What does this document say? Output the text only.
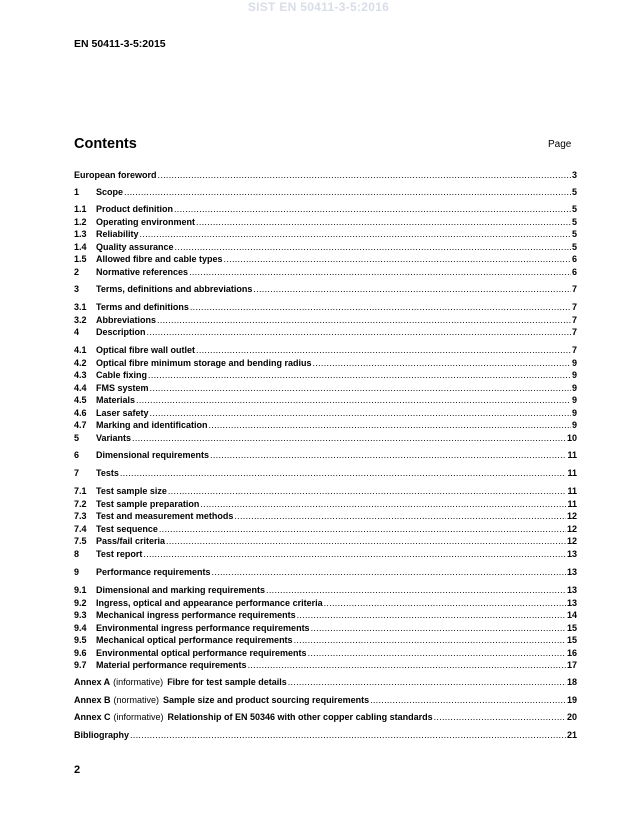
SIST EN 50411-3-5:2016
EN 50411-3-5:2015
Contents	Page
European foreword .....	3
1	Scope .....	5
1.1	Product definition .....	5
1.2	Operating environment .....	5
1.3	Reliability .....	5
1.4	Quality assurance .....	5
1.5	Allowed fibre and cable types .....	6
2	Normative references .....	6
3	Terms, definitions and abbreviations .....	7
3.1	Terms and definitions .....	7
3.2	Abbreviations .....	7
4	Description .....	7
4.1	Optical fibre wall outlet .....	7
4.2	Optical fibre minimum storage and bending radius .....	9
4.3	Cable fixing .....	9
4.4	FMS system .....	9
4.5	Materials .....	9
4.6	Laser safety .....	9
4.7	Marking and identification .....	9
5	Variants .....	10
6	Dimensional requirements .....	11
7	Tests .....	11
7.1	Test sample size .....	11
7.2	Test sample preparation .....	11
7.3	Test and measurement methods .....	12
7.4	Test sequence .....	12
7.5	Pass/fail criteria .....	12
8	Test report .....	13
9	Performance requirements .....	13
9.1	Dimensional and marking requirements .....	13
9.2	Ingress, optical and appearance performance criteria .....	13
9.3	Mechanical ingress performance requirements .....	14
9.4	Environmental ingress performance requirements .....	15
9.5	Mechanical optical performance requirements .....	15
9.6	Environmental optical performance requirements .....	16
9.7	Material performance requirements .....	17
Annex A (informative) Fibre for test sample details .....	18
Annex B (normative) Sample size and product sourcing requirements .....	19
Annex C (informative) Relationship of EN 50346 with other copper cabling standards .....	20
Bibliography .....	21
2
